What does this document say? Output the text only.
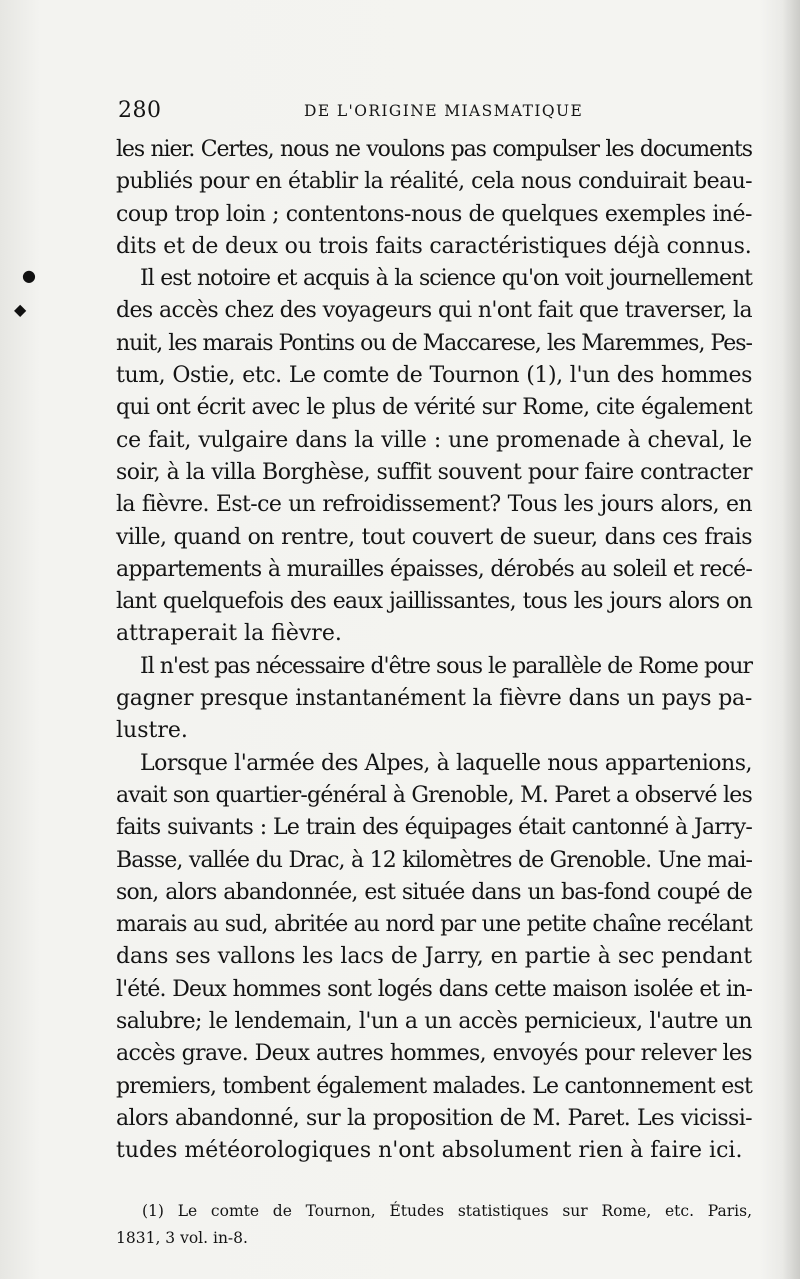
●
◆
280	DE L'ORIGINE MIASMATIQUE
les nier. Certes, nous ne voulons pas compulser les documents
publiés pour en établir la réalité, cela nous conduirait beau-
coup trop loin ; contentons-nous de quelques exemples iné-
dits et de deux ou trois faits caractéristiques déjà connus.
Il est notoire et acquis à la science qu'on voit journellement
des accès chez des voyageurs qui n'ont fait que traverser, la
nuit, les marais Pontins ou de Maccarese, les Maremmes, Pes-
tum, Ostie, etc. Le comte de Tournon (1), l'un des hommes
qui ont écrit avec le plus de vérité sur Rome, cite également
ce fait, vulgaire dans la ville : une promenade à cheval, le
soir, à la villa Borghèse, suffit souvent pour faire contracter
la fièvre. Est-ce un refroidissement? Tous les jours alors, en
ville, quand on rentre, tout couvert de sueur, dans ces frais
appartements à murailles épaisses, dérobés au soleil et recé-
lant quelquefois des eaux jaillissantes, tous les jours alors on
attraperait la fièvre.
Il n'est pas nécessaire d'être sous le parallèle de Rome pour
gagner presque instantanément la fièvre dans un pays pa-
lustre.
Lorsque l'armée des Alpes, à laquelle nous appartenions,
avait son quartier-général à Grenoble, M. Paret a observé les
faits suivants : Le train des équipages était cantonné à Jarry-
Basse, vallée du Drac, à 12 kilomètres de Grenoble. Une mai-
son, alors abandonnée, est située dans un bas-fond coupé de
marais au sud, abritée au nord par une petite chaîne recélant
dans ses vallons les lacs de Jarry, en partie à sec pendant
l'été. Deux hommes sont logés dans cette maison isolée et in-
salubre; le lendemain, l'un a un accès pernicieux, l'autre un
accès grave. Deux autres hommes, envoyés pour relever les
premiers, tombent également malades. Le cantonnement est
alors abandonné, sur la proposition de M. Paret. Les vicissi-
tudes météorologiques n'ont absolument rien à faire ici.
(1) Le comte de Tournon, Études statistiques sur Rome, etc. Paris,
1831, 3 vol. in-8.
